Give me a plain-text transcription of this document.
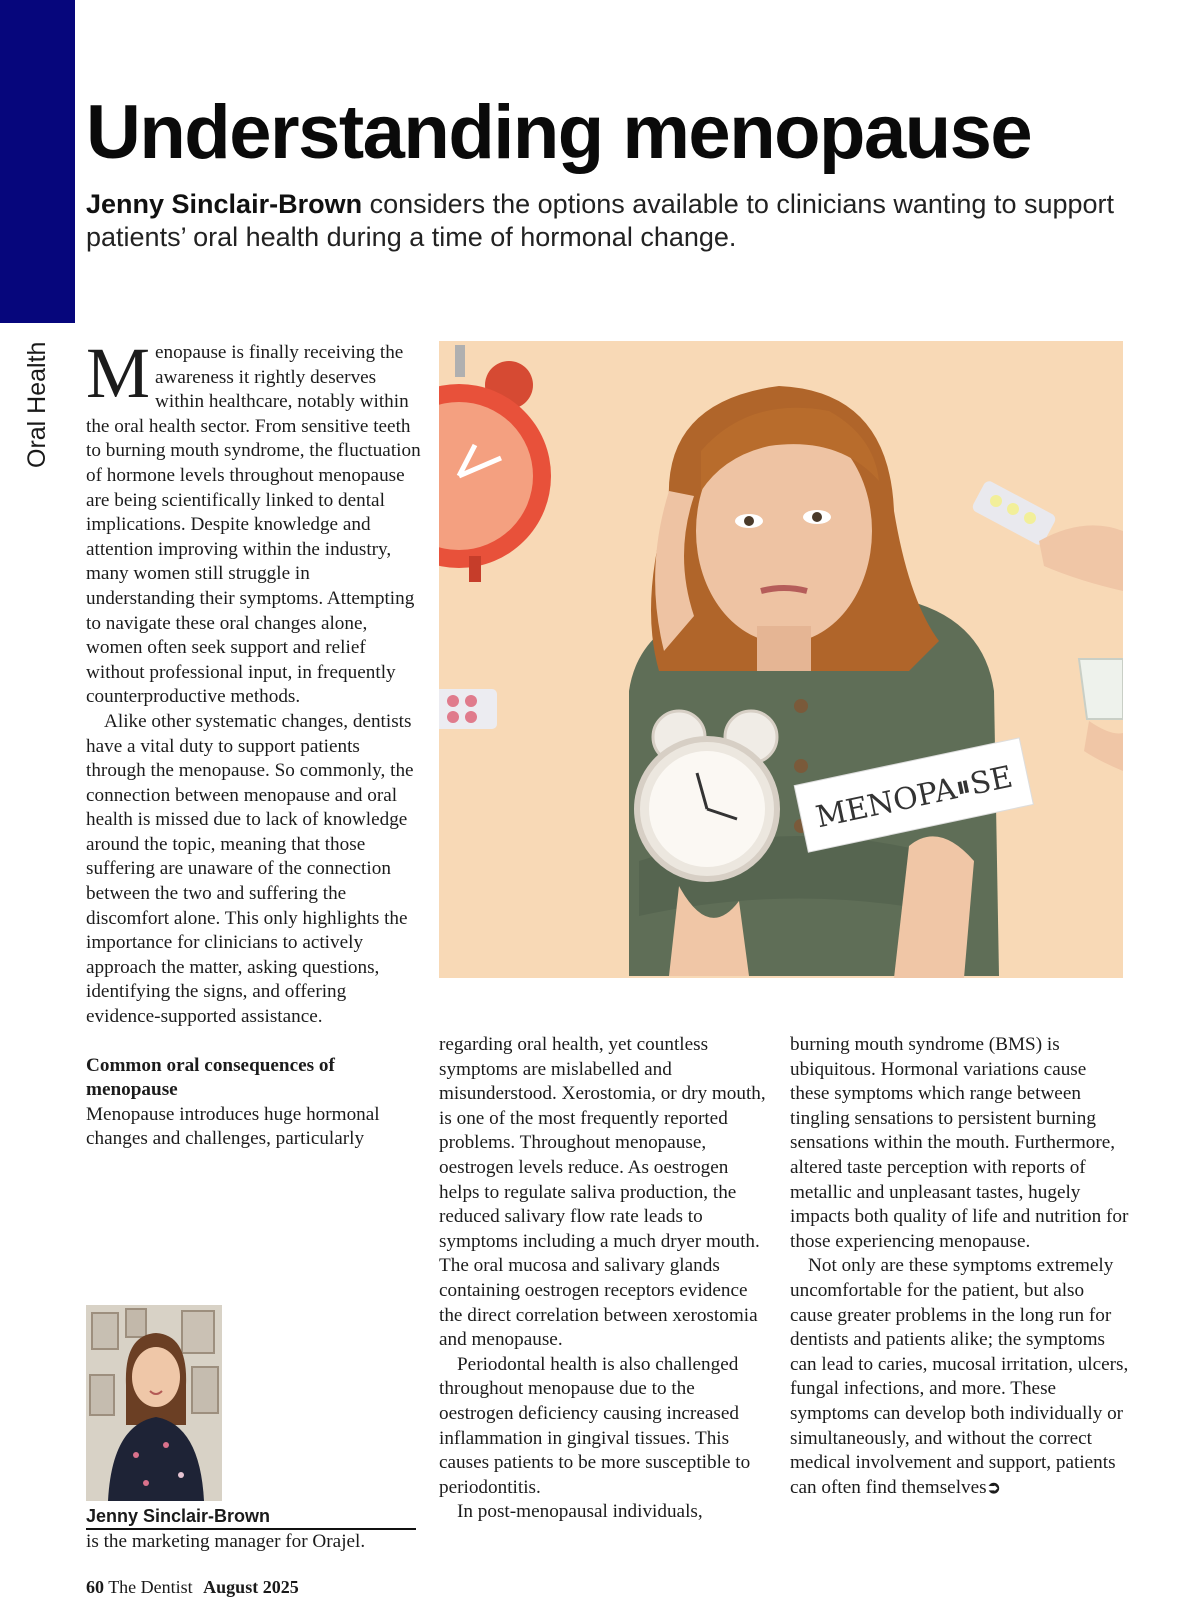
Oral Health
Understanding menopause

Jenny Sinclair-Brown considers the options available to clinicians wanting to support patients’ oral health during a time of hormonal change.

Menopause is finally receiving the awareness it rightly deserves within healthcare, notably within the oral health sector. From sensitive teeth to burning mouth syndrome, the fluctuation of hormone levels throughout menopause are being scientifically linked to dental implications. Despite knowledge and attention improving within the industry, many women still struggle in understanding their symptoms. Attempting to navigate these oral changes alone, women often seek support and relief without professional input, in frequently counterproductive methods.

Alike other systematic changes, dentists have a vital duty to support patients through the menopause. So commonly, the connection between menopause and oral health is missed due to lack of knowledge around the topic, meaning that those suffering are unaware of the connection between the two and suffering the discomfort alone. This only highlights the importance for clinicians to actively approach the matter, asking questions, identifying the signs, and offering evidence-supported assistance.

Common oral consequences of menopause

Menopause introduces huge hormonal changes and challenges, particularly

MENOPA⏸SE

regarding oral health, yet countless symptoms are mislabelled and misunderstood. Xerostomia, or dry mouth, is one of the most frequently reported problems. Throughout menopause, oestrogen levels reduce. As oestrogen helps to regulate saliva production, the reduced salivary flow rate leads to symptoms including a much dryer mouth. The oral mucosa and salivary glands containing oestrogen receptors evidence the direct correlation between xerostomia and menopause.

Periodontal health is also challenged throughout menopause due to the oestrogen deficiency causing increased inflammation in gingival tissues. This causes patients to be more susceptible to periodontitis.

In post-menopausal individuals,

burning mouth syndrome (BMS) is ubiquitous. Hormonal variations cause these symptoms which range between tingling sensations to persistent burning sensations within the mouth. Furthermore, altered taste perception with reports of metallic and unpleasant tastes, hugely impacts both quality of life and nutrition for those experiencing menopause.

Not only are these symptoms extremely uncomfortable for the patient, but also cause greater problems in the long run for dentists and patients alike; the symptoms can lead to caries, mucosal irritation, ulcers, fungal infections, and more. These symptoms can develop both individually or simultaneously, and without the correct medical involvement and support, patients can often find themselves➲

Jenny Sinclair-Brown
is the marketing manager for Orajel.
60 The Dentist August 2025
